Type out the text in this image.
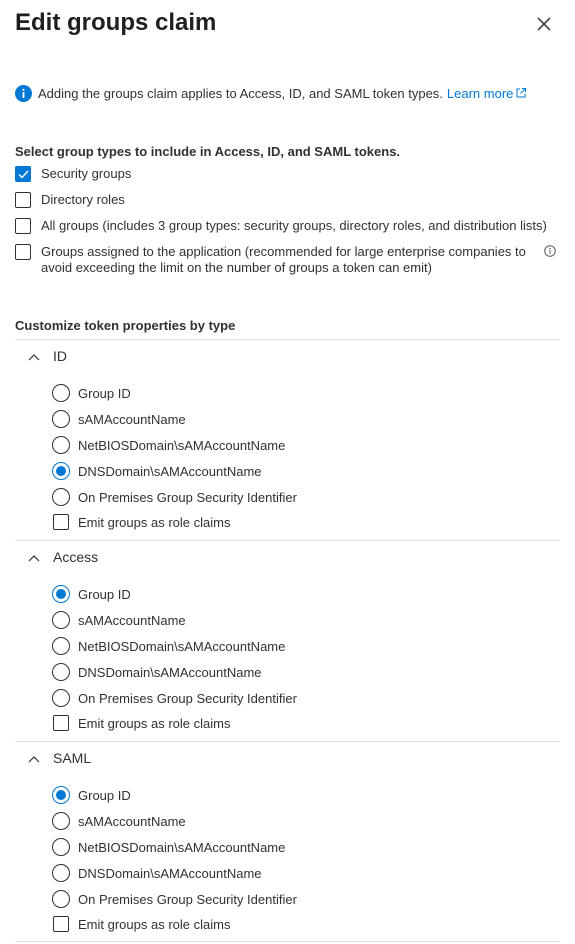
Edit groups claim
Adding the groups claim applies to Access, ID, and SAML token types. Learn more

Select group types to include in Access, ID, and SAML tokens.

Security groups
Directory roles
All groups (includes 3 group types: security groups, directory roles, and distribution lists)
Groups assigned to the application (recommended for large enterprise companies to avoid exceeding the limit on the number of groups a token can emit)

Customize token properties by type

ID
Group ID
sAMAccountName
NetBIOSDomain\sAMAccountName
DNSDomain\sAMAccountName
On Premises Group Security Identifier
Emit groups as role claims
Access
Group ID
sAMAccountName
NetBIOSDomain\sAMAccountName
DNSDomain\sAMAccountName
On Premises Group Security Identifier
Emit groups as role claims
SAML
Group ID
sAMAccountName
NetBIOSDomain\sAMAccountName
DNSDomain\sAMAccountName
On Premises Group Security Identifier
Emit groups as role claims
